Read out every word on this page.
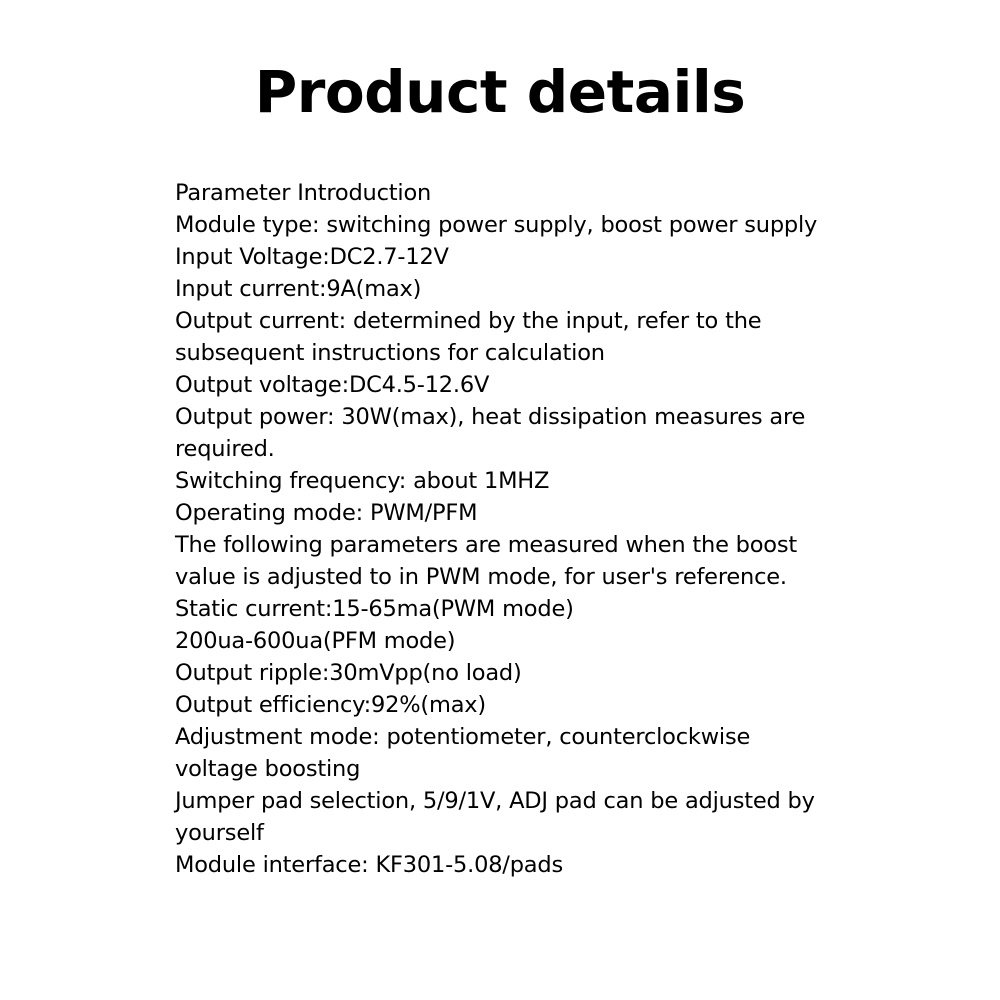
Product details
Parameter Introduction
Module type: switching power supply, boost power supply
Input Voltage:DC2.7-12V
Input current:9A(max)
Output current: determined by the input, refer to the subsequent instructions for calculation
Output voltage:DC4.5-12.6V
Output power: 30W(max), heat dissipation measures are required.
Switching frequency: about 1MHZ
Operating mode: PWM/PFM
The following parameters are measured when the boost value is adjusted to in PWM mode, for user's reference.
Static current:15-65ma(PWM mode)
200ua-600ua(PFM mode)
Output ripple:30mVpp(no load)
Output efficiency:92%(max)
Adjustment mode: potentiometer, counterclockwise voltage boosting
Jumper pad selection, 5/9/1V, ADJ pad can be adjusted by yourself
Module interface: KF301-5.08/pads
